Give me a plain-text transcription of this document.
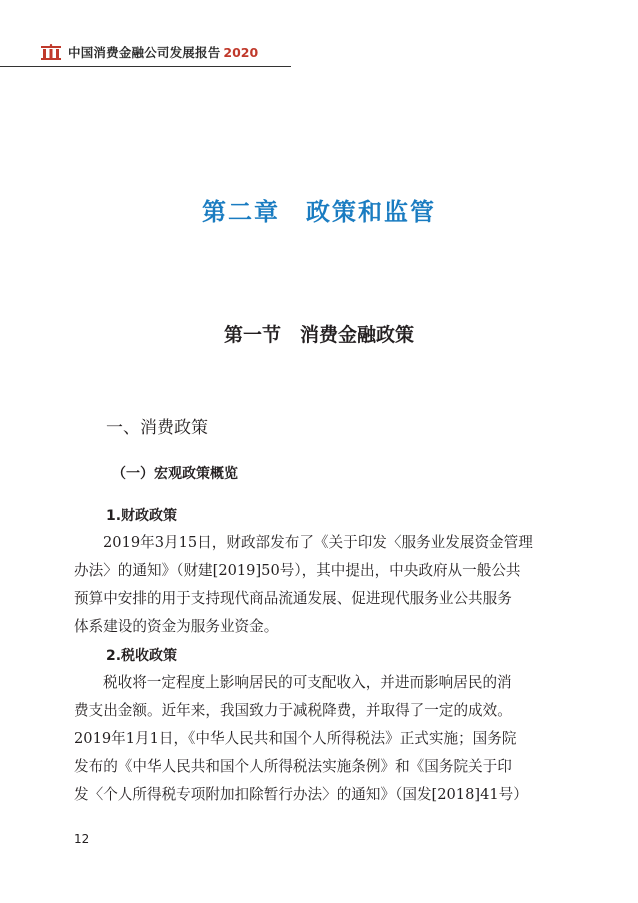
中国消费金融公司发展报告 2020
第二章　政策和监管
第一节　消费金融政策
一、消费政策
（一）宏观政策概览
1.财政政策
2019年3月15日，财政部发布了《关于印发〈服务业发展资金管理
办法〉的通知》（财建[2019]50号），其中提出，中央政府从一般公共
预算中安排的用于支持现代商品流通发展、促进现代服务业公共服务
体系建设的资金为服务业资金。
2.税收政策
税收将一定程度上影响居民的可支配收入，并进而影响居民的消
费支出金额。近年来，我国致力于减税降费，并取得了一定的成效。
2019年1月1日，《中华人民共和国个人所得税法》正式实施；国务院
发布的《中华人民共和国个人所得税法实施条例》和《国务院关于印
发〈个人所得税专项附加扣除暂行办法〉的通知》（国发[2018]41号）
12
